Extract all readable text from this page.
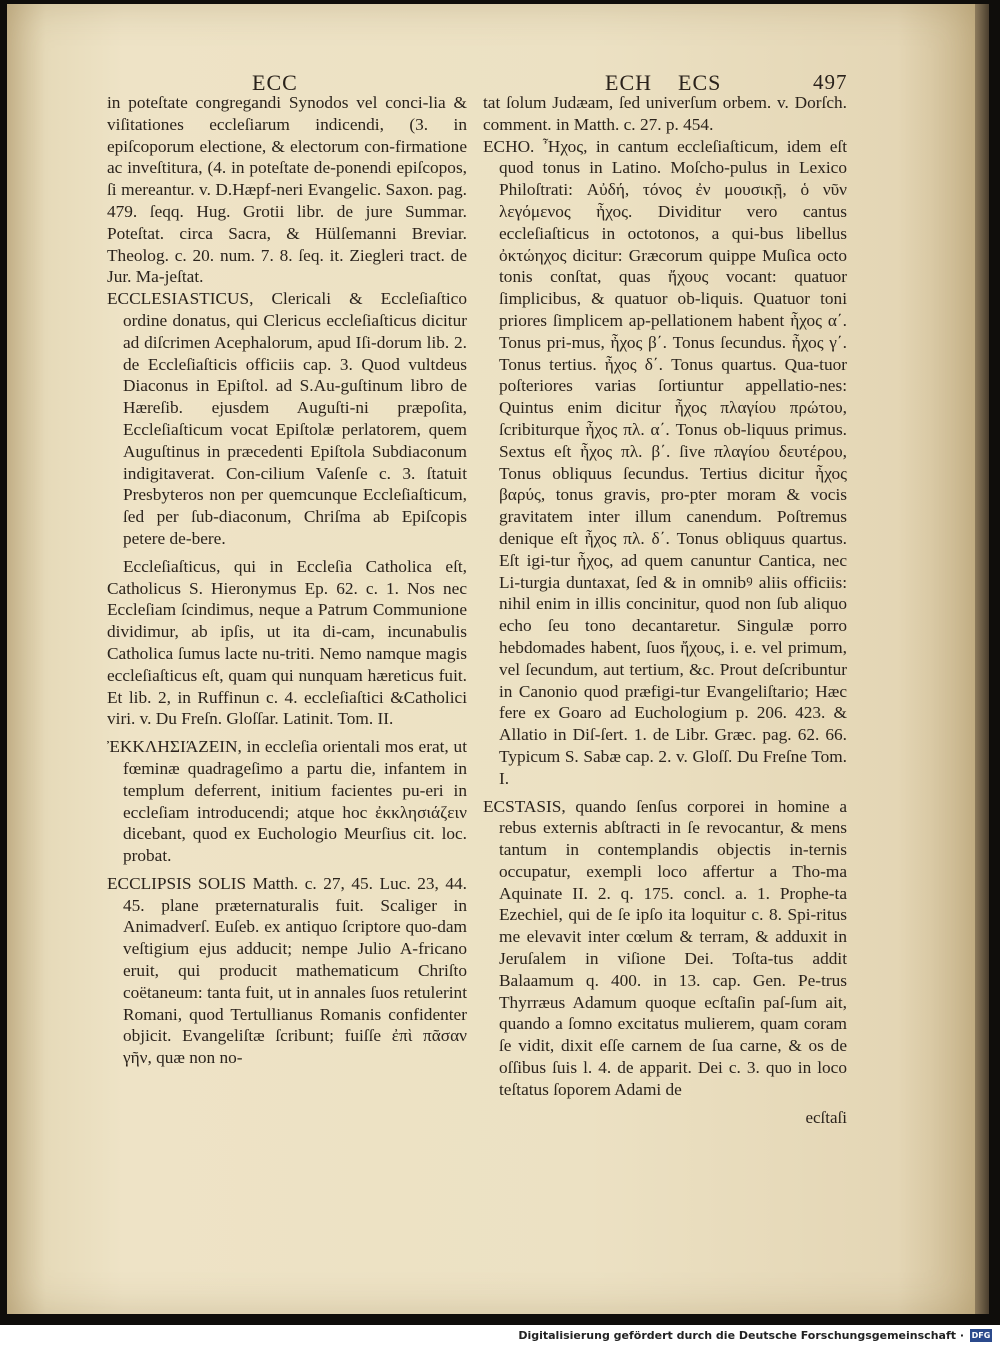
ECC	ECH    ECS	497

in poteſtate congregandi Synodos vel conci-lia & viſitationes eccleſiarum indicendi, (3. in epiſcoporum electione, & electorum con-firmatione ac inveſtitura, (4. in poteſtate de-ponendi epiſcopos, ſi mereantur. v. D.Hæpf-neri Evangelic. Saxon. pag. 479. ſeqq. Hug. Grotii libr. de jure Summar. Poteſtat. circa Sacra, & Hülſemanni Breviar. Theolog. c. 20. num. 7. 8. ſeq. it. Ziegleri tract. de Jur. Ma-jeſtat.

ECCLESIASTICUS, Clericali & Eccleſiaſtico ordine donatus, qui Clericus eccleſiaſticus dicitur ad diſcrimen Acephalorum, apud Iſi-dorum lib. 2. de Eccleſiaſticis officiis cap. 3. Quod vultdeus Diaconus in Epiſtol. ad S.Au-guſtinum libro de Hæreſib. ejusdem Auguſti-ni præpoſita, Eccleſiaſticum vocat Epiſtolæ perlatorem, quem Auguſtinus in præcedenti Epiſtola Subdiaconum indigitaverat. Con-cilium Vaſenſe c. 3. ſtatuit Presbyteros non per quemcunque Eccleſiaſticum, ſed per ſub-diaconum, Chriſma ab Epiſcopis petere de-bere.

Eccleſiaſticus, qui in Eccleſia Catholica eſt, Catholicus S. Hieronymus Ep. 62. c. 1. Nos nec Eccleſiam ſcindimus, neque a Patrum Communione dividimur, ab ipſis, ut ita di-cam, incunabulis Catholica ſumus lacte nu-triti. Nemo namque magis eccleſiaſticus eſt, quam qui nunquam hæreticus fuit. Et lib. 2, in Ruffinun c. 4. eccleſiaſtici &Catholici viri. v. Du Freſn. Gloſſar. Latinit. Tom. II.

ἘΚΚΛΗΣΙΆΖΕΙΝ, in eccleſia orientali mos erat, ut fœminæ quadrageſimo a partu die, infantem in templum deferrent, initium facientes pu-eri in eccleſiam introducendi; atque hoc ἐκκλησιάζειν dicebant, quod ex Euchologio Meurſius cit. loc. probat.

ECCLIPSIS SOLIS Matth. c. 27, 45. Luc. 23, 44. 45. plane præternaturalis fuit. Scaliger in Animadverſ. Euſeb. ex antiquo ſcriptore quo-dam veſtigium ejus adducit; nempe Julio A-fricano eruit, qui producit mathematicum Chriſto coëtaneum: tanta fuit, ut in annales ſuos retulerint Romani, quod Tertullianus Romanis confidenter objicit. Evangeliſtæ ſcribunt; fuiſſe ἐπὶ πᾶσαν γῆν, quæ non no-

tat ſolum Judæam, ſed univerſum orbem. v. Dorſch. comment. in Matth. c. 27. p. 454.

ECHO. Ἦχος, in cantum eccleſiaſticum, idem eſt quod tonus in Latino. Moſcho-pulus in Lexico Philoſtrati: Αὐδή, τόνος ἐν μουσικῇ, ὁ νῦν λεγόμενος ἦχος. Dividitur vero cantus eccleſiaſticus in octotonos, a qui-bus libellus ὀκτώηχος dicitur: Græcorum quippe Muſica octo tonis conſtat, quas ἤχους vocant: quatuor ſimplicibus, & quatuor ob-liquis. Quatuor toni priores ſimplicem ap-pellationem habent ἦχος α΄. Tonus pri-mus, ἦχος β΄. Tonus ſecundus. ἦχος γ΄. Tonus tertius. ἦχος δ΄. Tonus quartus. Qua-tuor poſteriores varias ſortiuntur appellatio-nes: Quintus enim dicitur ἦχος πλαγίου πρώτου, ſcribiturque ἦχος πλ. α΄. Tonus ob-liquus primus. Sextus eſt ἦχος πλ. β΄. ſive πλαγίου δευτέρου, Tonus obliquus ſecundus. Tertius dicitur ἦχος βαρύς, tonus gravis, pro-pter moram & vocis gravitatem inter illum canendum. Poſtremus denique eſt ἦχος πλ. δ΄. Tonus obliquus quartus. Eſt igi-tur ἦχος, ad quem canuntur Cantica, nec Li-turgia duntaxat, ſed & in omnibꝰ aliis officiis: nihil enim in illis concinitur, quod non ſub aliquo echo ſeu tono decantaretur. Singulæ porro hebdomades habent, ſuos ἤχους, i. e. vel primum, vel ſecundum, aut tertium, &c. Prout deſcribuntur in Canonio quod præfigi-tur Evangeliſtario; Hæc fere ex Goaro ad Euchologium p. 206. 423. & Allatio in Diſ-ſert. 1. de Libr. Græc. pag. 62. 66. Typicum S. Sabæ cap. 2. v. Gloſſ. Du Freſne Tom. I.

ECSTASIS, quando ſenſus corporei in homine a rebus externis abſtracti in ſe revocantur, & mens tantum in contemplandis objectis in-ternis occupatur, exempli loco affertur a Tho-ma Aquinate II. 2. q. 175. concl. a. 1. Prophe-ta Ezechiel, qui de ſe ipſo ita loquitur c. 8. Spi-ritus me elevavit inter cœlum & terram, & adduxit in Jeruſalem in viſione Dei. Toſta-tus addit Balaamum q. 400. in 13. cap. Gen. Pe-trus Thyrræus Adamum quoque ecſtaſin paſ-ſum ait, quando a ſomno excitatus mulierem, quam coram ſe vidit, dixit eſſe carnem de ſua carne, & os de oſſibus ſuis l. 4. de apparit. Dei c. 3. quo in loco teſtatus ſoporem Adami de

ecſtaſi
Digitalisierung gefördert durch die Deutsche Forschungsgemeinschaft · DFG
